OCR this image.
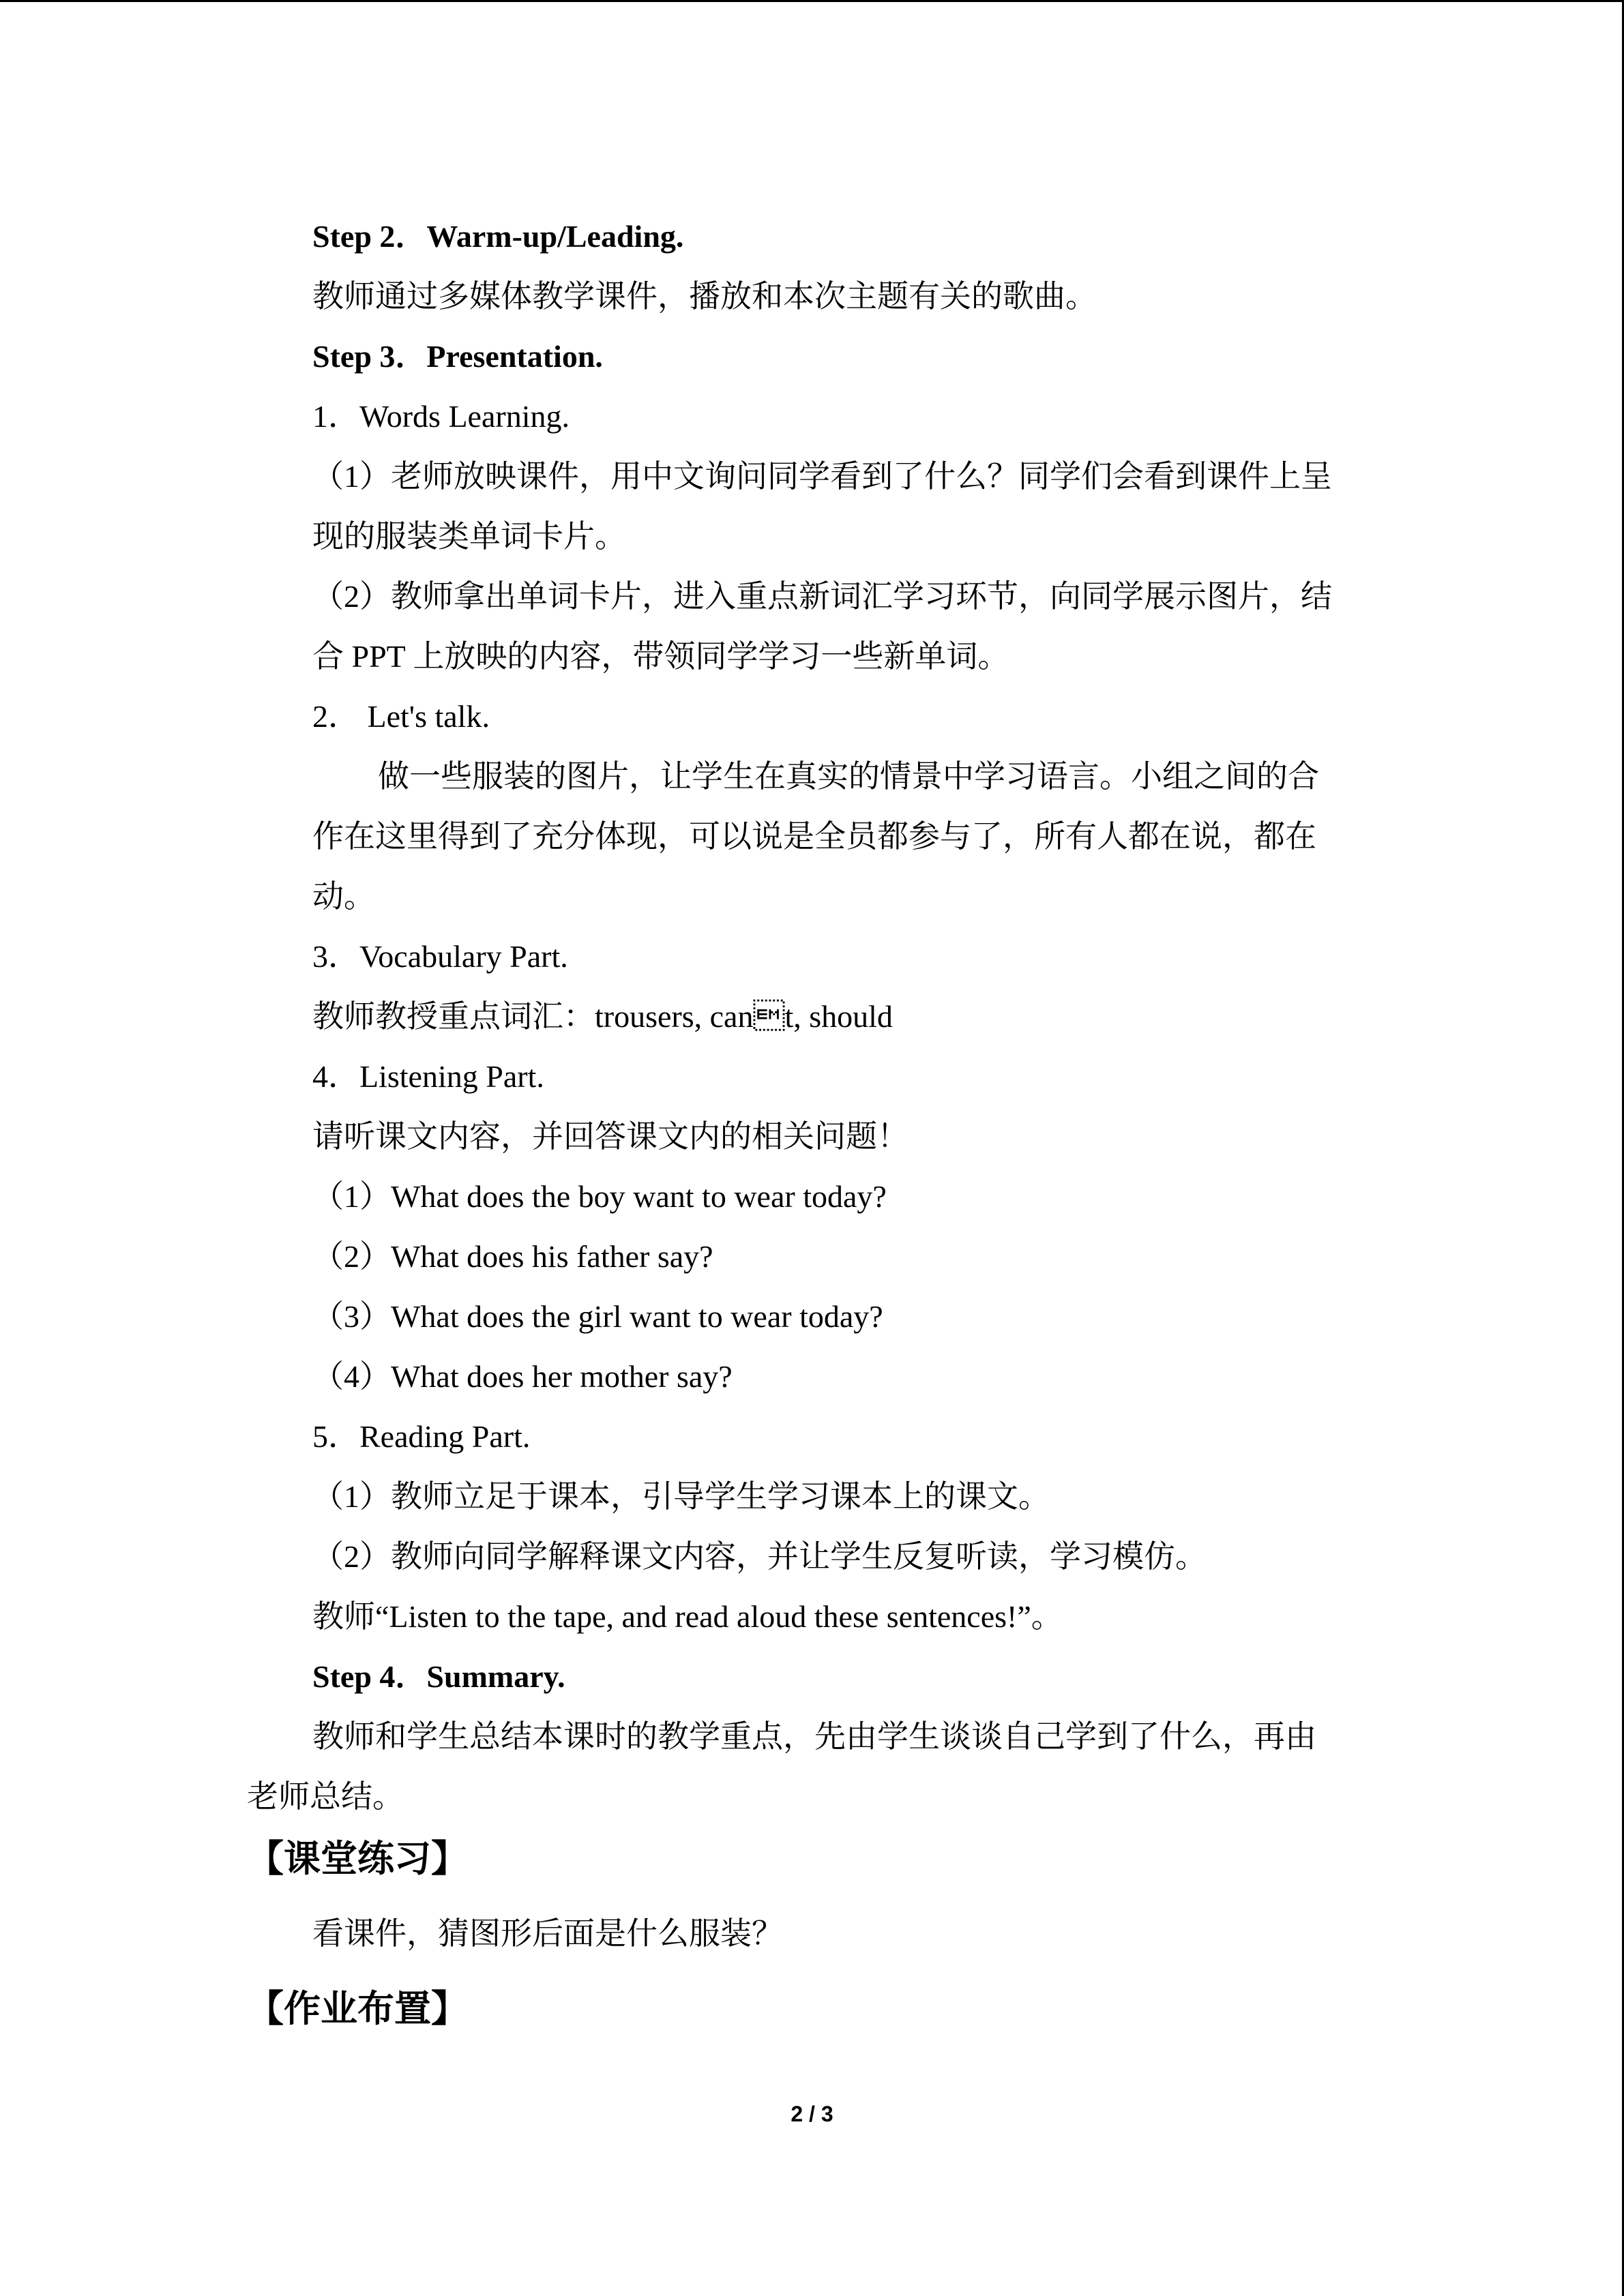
Step 2．Warm-up/Leading.
教师通过多媒体教学课件，播放和本次主题有关的歌曲。
Step 3．Presentation.
1．Words Learning.
（1）老师放映课件，用中文询问同学看到了什么？同学们会看到课件上呈
现的服装类单词卡片。
（2）教师拿出单词卡片，进入重点新词汇学习环节，向同学展示图片，结
合 PPT 上放映的内容，带领同学学习一些新单词。
2． Let's talk.
做一些服装的图片，让学生在真实的情景中学习语言。小组之间的合
作在这里得到了充分体现，可以说是全员都参与了，所有人都在说，都在
动。
3．Vocabulary Part.
教师教授重点词汇：trousers, cant, should
4．Listening Part.
请听课文内容，并回答课文内的相关问题！
（1）What does the boy want to wear today?
（2）What does his father say?
（3）What does the girl want to wear today?
（4）What does her mother say?
5．Reading Part.
（1）教师立足于课本，引导学生学习课本上的课文。
（2）教师向同学解释课文内容，并让学生反复听读，学习模仿。
教师“Listen to the tape, and read aloud these sentences!”。
Step 4．Summary.
教师和学生总结本课时的教学重点，先由学生谈谈自己学到了什么，再由
老师总结。
【课堂练习】
看课件，猜图形后面是什么服装？
【作业布置】
2 / 3
